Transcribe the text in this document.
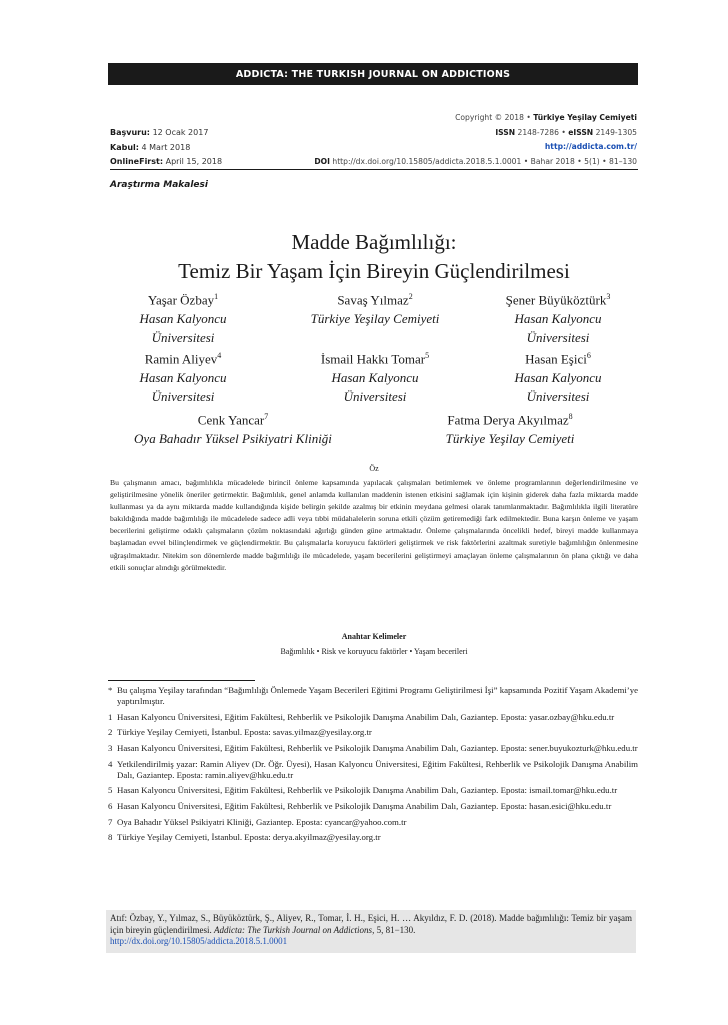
ADDICTA: THE TURKISH JOURNAL ON ADDICTIONS
Copyright © 2018 • Türkiye Yeşilay Cemiyeti
ISSN 2148-7286 • eISSN 2149-1305
http://addicta.com.tr/
DOI http://dx.doi.org/10.15805/addicta.2018.5.1.0001 • Bahar 2018 • 5(1) • 81–130
Başvuru: 12 Ocak 2017
Kabul: 4 Mart 2018
OnlineFirst: April 15, 2018
Araştırma Makalesi
Madde Bağımlılığı:
Temiz Bir Yaşam İçin Bireyin Güçlendirilmesi
Yaşar Özbay$^1$
Hasan Kalyoncu
Üniversitesi
Savaş Yılmaz$^2$
Türkiye Yeşilay Cemiyeti
Şener Büyüköztürk$^3$
Hasan Kalyoncu
Üniversitesi
Ramin Aliyev$^4$
Hasan Kalyoncu
Üniversitesi
İsmail Hakkı Tomar$^5$
Hasan Kalyoncu
Üniversitesi
Hasan Eşici$^6$
Hasan Kalyoncu
Üniversitesi
Cenk Yancar$^7$
Oya Bahadır Yüksel Psikiyatri Kliniği
Fatma Derya Akyılmaz$^8$
Türkiye Yeşilay Cemiyeti
Öz
Bu çalışmanın amacı, bağımlılıkla mücadelede birincil önleme kapsamında yapılacak çalışmaları betimlemek ve önleme programlarının değerlendirilmesine ve geliştirilmesine yönelik öneriler getirmektir. Bağımlılık, genel anlamda kullanılan maddenin istenen etkisini sağlamak için kişinin giderek daha fazla miktarda madde kullanması ya da aynı miktarda madde kullandığında kişide belirgin şekilde azalmış bir etkinin meydana gelmesi olarak tanımlanmaktadır. Bağımlılıkla ilgili literatüre bakıldığında madde bağımlılığı ile mücadelede sadece adli veya tıbbi müdahalelerin soruna etkili çözüm getiremediği fark edilmektedir. Buna karşın önleme ve yaşam becerilerini geliştirme odaklı çalışmaların çözüm noktasındaki ağırlığı günden güne artmaktadır. Önleme çalışmalarında öncelikli hedef, bireyi madde kullanmaya başlamadan evvel bilinçlendirmek ve güçlendirmektir. Bu çalışmalarla koruyucu faktörleri geliştirmek ve risk faktörlerini azaltmak suretiyle bağımlılığın önlenmesine uğraşılmaktadır. Nitekim son dönemlerde madde bağımlılığı ile mücadelede, yaşam becerilerini geliştirmeyi amaçlayan önleme çalışmalarının ön plana çıktığı ve daha etkili sonuçlar alındığı görülmektedir.
Anahtar Kelimeler
Bağımlılık • Risk ve koruyucu faktörler • Yaşam becerileri
* Bu çalışma Yeşilay tarafından “Bağımlılığı Önlemede Yaşam Becerileri Eğitimi Programı Geliştirilmesi İşi” kapsamında Pozitif Yaşam Akademi’ye yaptırılmıştır.
1 Hasan Kalyoncu Üniversitesi, Eğitim Fakültesi, Rehberlik ve Psikolojik Danışma Anabilim Dalı, Gaziantep. Eposta: yasar.ozbay@hku.edu.tr
2 Türkiye Yeşilay Cemiyeti, İstanbul. Eposta: savas.yilmaz@yesilay.org.tr
3 Hasan Kalyoncu Üniversitesi, Eğitim Fakültesi, Rehberlik ve Psikolojik Danışma Anabilim Dalı, Gaziantep. Eposta: sener.buyukozturk@hku.edu.tr
4 Yetkilendirilmiş yazar: Ramin Aliyev (Dr. Öğr. Üyesi), Hasan Kalyoncu Üniversitesi, Eğitim Fakültesi, Rehberlik ve Psikolojik Danışma Anabilim Dalı, Gaziantep. Eposta: ramin.aliyev@hku.edu.tr
5 Hasan Kalyoncu Üniversitesi, Eğitim Fakültesi, Rehberlik ve Psikolojik Danışma Anabilim Dalı, Gaziantep. Eposta: ismail.tomar@hku.edu.tr
6 Hasan Kalyoncu Üniversitesi, Eğitim Fakültesi, Rehberlik ve Psikolojik Danışma Anabilim Dalı, Gaziantep. Eposta: hasan.esici@hku.edu.tr
7 Oya Bahadır Yüksel Psikiyatri Kliniği, Gaziantep. Eposta: cyancar@yahoo.com.tr
8 Türkiye Yeşilay Cemiyeti, İstanbul. Eposta: derya.akyilmaz@yesilay.org.tr
Atıf: Özbay, Y., Yılmaz, S., Büyüköztürk, Ş., Aliyev, R., Tomar, İ. H., Eşici, H. … Akyıldız, F. D. (2018). Madde bağımlılığı: Temiz bir yaşam için bireyin güçlendirilmesi. Addicta: The Turkish Journal on Addictions, 5, 81−130.
http://dx.doi.org/10.15805/addicta.2018.5.1.0001
